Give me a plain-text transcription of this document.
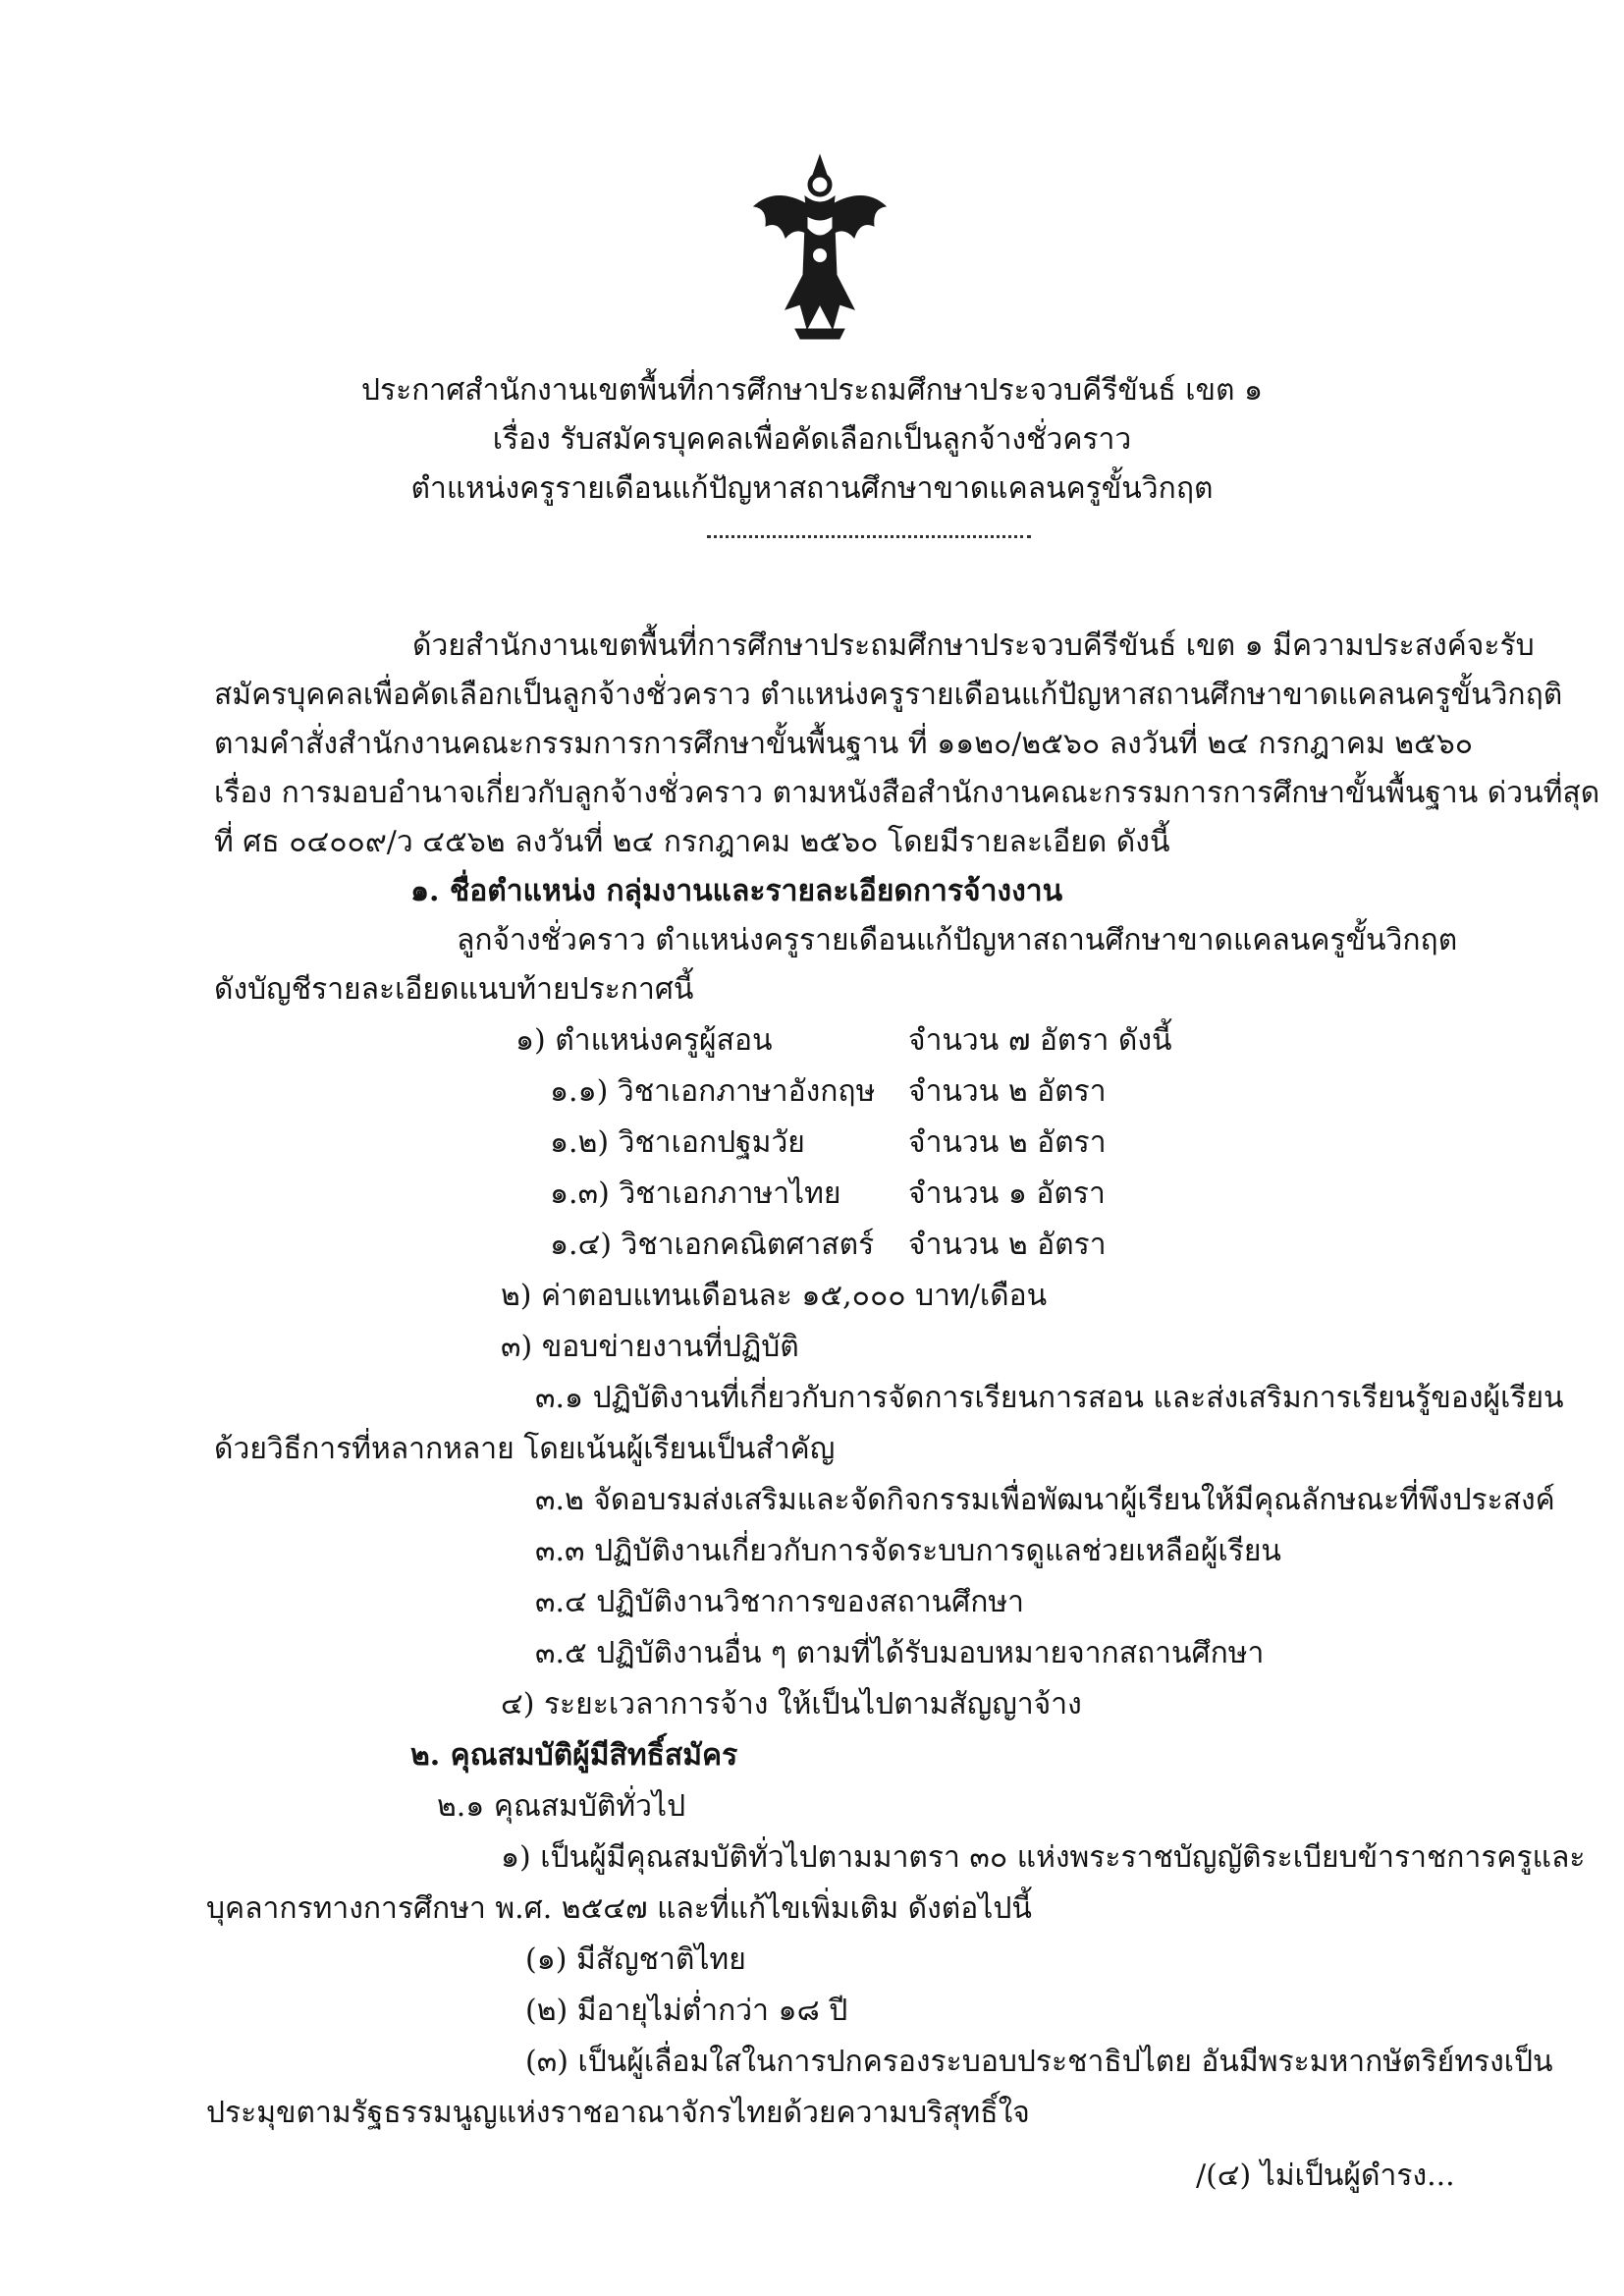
ประกาศสำนักงานเขตพื้นที่การศึกษาประถมศึกษาประจวบคีรีขันธ์ เขต ๑
เรื่อง รับสมัครบุคคลเพื่อคัดเลือกเป็นลูกจ้างชั่วคราว
ตำแหน่งครูรายเดือนแก้ปัญหาสถานศึกษาขาดแคลนครูขั้นวิกฤต
ด้วยสำนักงานเขตพื้นที่การศึกษาประถมศึกษาประจวบคีรีขันธ์ เขต ๑ มีความประสงค์จะรับ
สมัครบุคคลเพื่อคัดเลือกเป็นลูกจ้างชั่วคราว ตำแหน่งครูรายเดือนแก้ปัญหาสถานศึกษาขาดแคลนครูขั้นวิกฤติ
ตามคำสั่งสำนักงานคณะกรรมการการศึกษาขั้นพื้นฐาน ที่ ๑๑๒๐/๒๕๖๐ ลงวันที่ ๒๔ กรกฎาคม ๒๕๖๐
เรื่อง การมอบอำนาจเกี่ยวกับลูกจ้างชั่วคราว ตามหนังสือสำนักงานคณะกรรมการการศึกษาขั้นพื้นฐาน ด่วนที่สุด
ที่ ศธ ๐๔๐๐๙/ว ๔๕๖๒ ลงวันที่ ๒๔ กรกฎาคม ๒๕๖๐ โดยมีรายละเอียด ดังนี้
๑. ชื่อตำแหน่ง กลุ่มงานและรายละเอียดการจ้างงาน
ลูกจ้างชั่วคราว ตำแหน่งครูรายเดือนแก้ปัญหาสถานศึกษาขาดแคลนครูขั้นวิกฤต
ดังบัญชีรายละเอียดแนบท้ายประกาศนี้
๑) ตำแหน่งครูผู้สอน	จำนวน ๗ อัตรา ดังนี้
๑.๑) วิชาเอกภาษาอังกฤษ จำนวน ๒ อัตรา
๑.๒) วิชาเอกปฐมวัย	จำนวน ๒ อัตรา
๑.๓) วิชาเอกภาษาไทย จำนวน ๑ อัตรา
๑.๔) วิชาเอกคณิตศาสตร์ จำนวน ๒ อัตรา
๒) ค่าตอบแทนเดือนละ ๑๕,๐๐๐ บาท/เดือน
๓) ขอบข่ายงานที่ปฏิบัติ
๓.๑ ปฏิบัติงานที่เกี่ยวกับการจัดการเรียนการสอน และส่งเสริมการเรียนรู้ของผู้เรียน
ด้วยวิธีการที่หลากหลาย โดยเน้นผู้เรียนเป็นสำคัญ
๓.๒ จัดอบรมส่งเสริมและจัดกิจกรรมเพื่อพัฒนาผู้เรียนให้มีคุณลักษณะที่พึงประสงค์
๓.๓ ปฏิบัติงานเกี่ยวกับการจัดระบบการดูแลช่วยเหลือผู้เรียน
๓.๔ ปฏิบัติงานวิชาการของสถานศึกษา
๓.๕ ปฏิบัติงานอื่น ๆ ตามที่ได้รับมอบหมายจากสถานศึกษา
๔) ระยะเวลาการจ้าง ให้เป็นไปตามสัญญาจ้าง
๒. คุณสมบัติผู้มีสิทธิ์สมัคร
๒.๑ คุณสมบัติทั่วไป
๑) เป็นผู้มีคุณสมบัติทั่วไปตามมาตรา ๓๐ แห่งพระราชบัญญัติระเบียบข้าราชการครูและ
บุคลากรทางการศึกษา พ.ศ. ๒๕๔๗ และที่แก้ไขเพิ่มเติม ดังต่อไปนี้
(๑) มีสัญชาติไทย
(๒) มีอายุไม่ต่ำกว่า ๑๘ ปี
(๓) เป็นผู้เลื่อมใสในการปกครองระบอบประชาธิปไตย อันมีพระมหากษัตริย์ทรงเป็น
ประมุขตามรัฐธรรมนูญแห่งราชอาณาจักรไทยด้วยความบริสุทธิ์ใจ
/(๔) ไม่เป็นผู้ดำรง...
